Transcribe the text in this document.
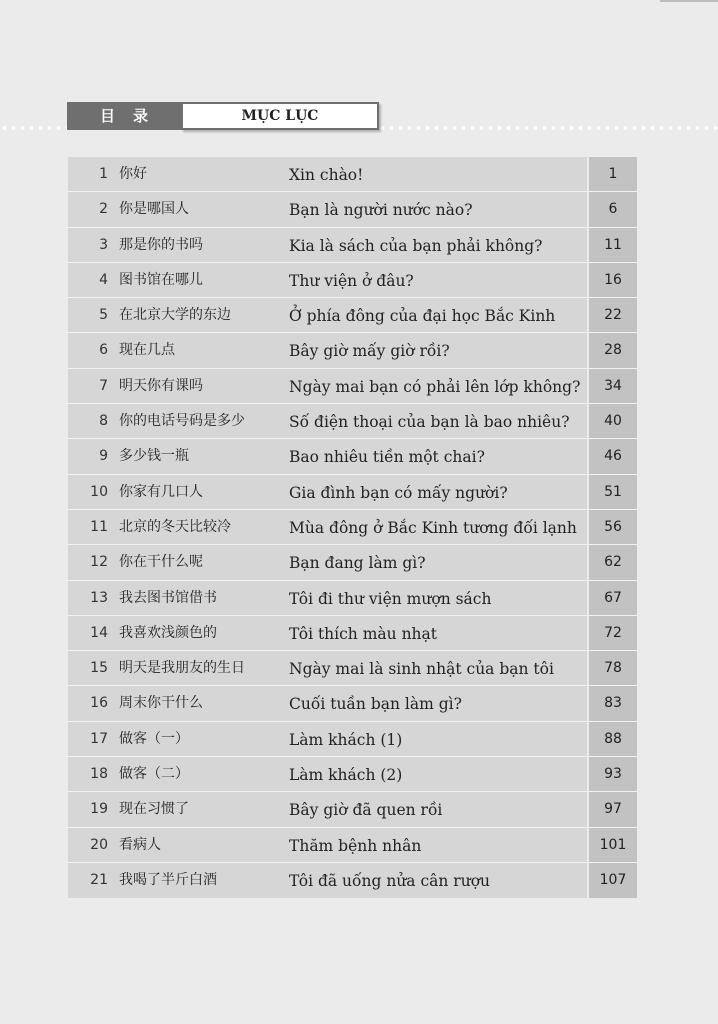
目录	MỤC LỤC
1 你好	Xin chào!	1
2 你是哪国人	Bạn là người nước nào?	6
3 那是你的书吗	Kia là sách của bạn phải không?	11
4 图书馆在哪儿	Thư viện ở đâu?	16
5 在北京大学的东边	Ở phía đông của đại học Bắc Kinh	22
6 现在几点	Bây giờ mấy giờ rồi?	28
7 明天你有课吗	Ngày mai bạn có phải lên lớp không?	34
8 你的电话号码是多少	Số điện thoại của bạn là bao nhiêu?	40
9 多少钱一瓶	Bao nhiêu tiền một chai?	46
10 你家有几口人	Gia đình bạn có mấy người?	51
11 北京的冬天比较冷	Mùa đông ở Bắc Kinh tương đối lạnh	56
12 你在干什么呢	Bạn đang làm gì?	62
13 我去图书馆借书	Tôi đi thư viện mượn sách	67
14 我喜欢浅颜色的	Tôi thích màu nhạt	72
15 明天是我朋友的生日	Ngày mai là sinh nhật của bạn tôi	78
16 周末你干什么	Cuối tuần bạn làm gì?	83
17 做客（一）	Làm khách (1)	88
18 做客（二）	Làm khách (2)	93
19 现在习惯了	Bây giờ đã quen rồi	97
20 看病人	Thăm bệnh nhân	101
21 我喝了半斤白酒	Tôi đã uống nửa cân rượu	107
